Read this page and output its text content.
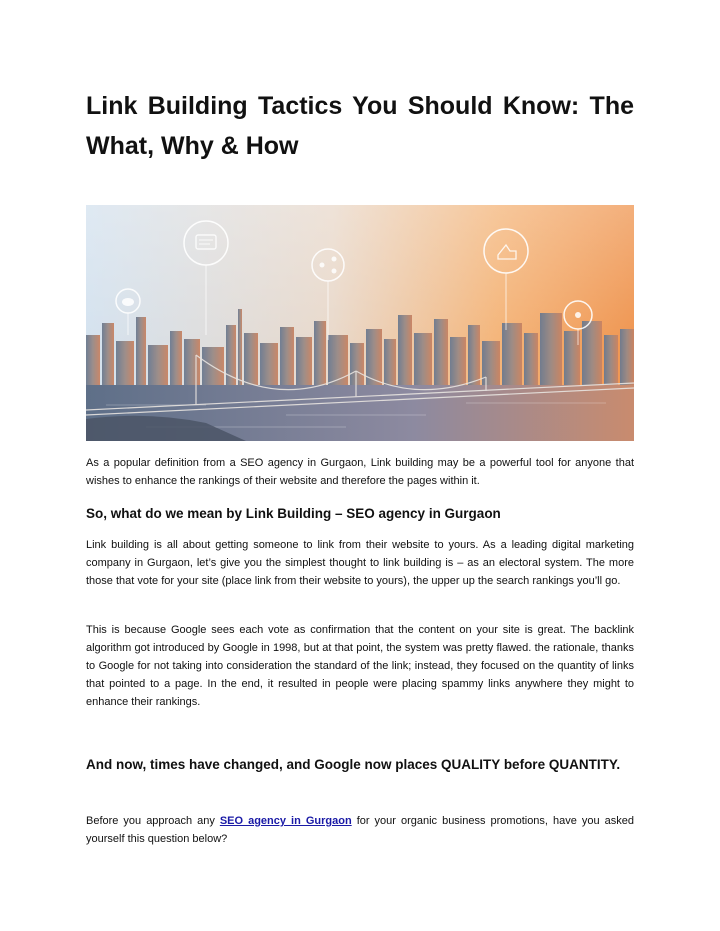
Link Building Tactics You Should Know: The What, Why & How

As a popular definition from a SEO agency in Gurgaon, Link building may be a powerful tool for anyone that wishes to enhance the rankings of their website and therefore the pages within it.

So, what do we mean by Link Building – SEO agency in Gurgaon

Link building is all about getting someone to link from their website to yours. As a leading digital marketing company in Gurgaon, let’s give you the simplest thought to link building is – as an electoral system. The more those that vote for your site (place link from their website to yours), the upper up the search rankings you’ll go.

This is because Google sees each vote as confirmation that the content on your site is great. The backlink algorithm got introduced by Google in 1998, but at that point, the system was pretty flawed. the rationale, thanks to Google for not taking into consideration the standard of the link; instead, they focused on the quantity of links that pointed to a page. In the end, it resulted in people were placing spammy links anywhere they might to enhance their rankings.

And now, times have changed, and Google now places QUALITY before QUANTITY.

Before you approach any SEO agency in Gurgaon for your organic business promotions, have you asked yourself this question below?
